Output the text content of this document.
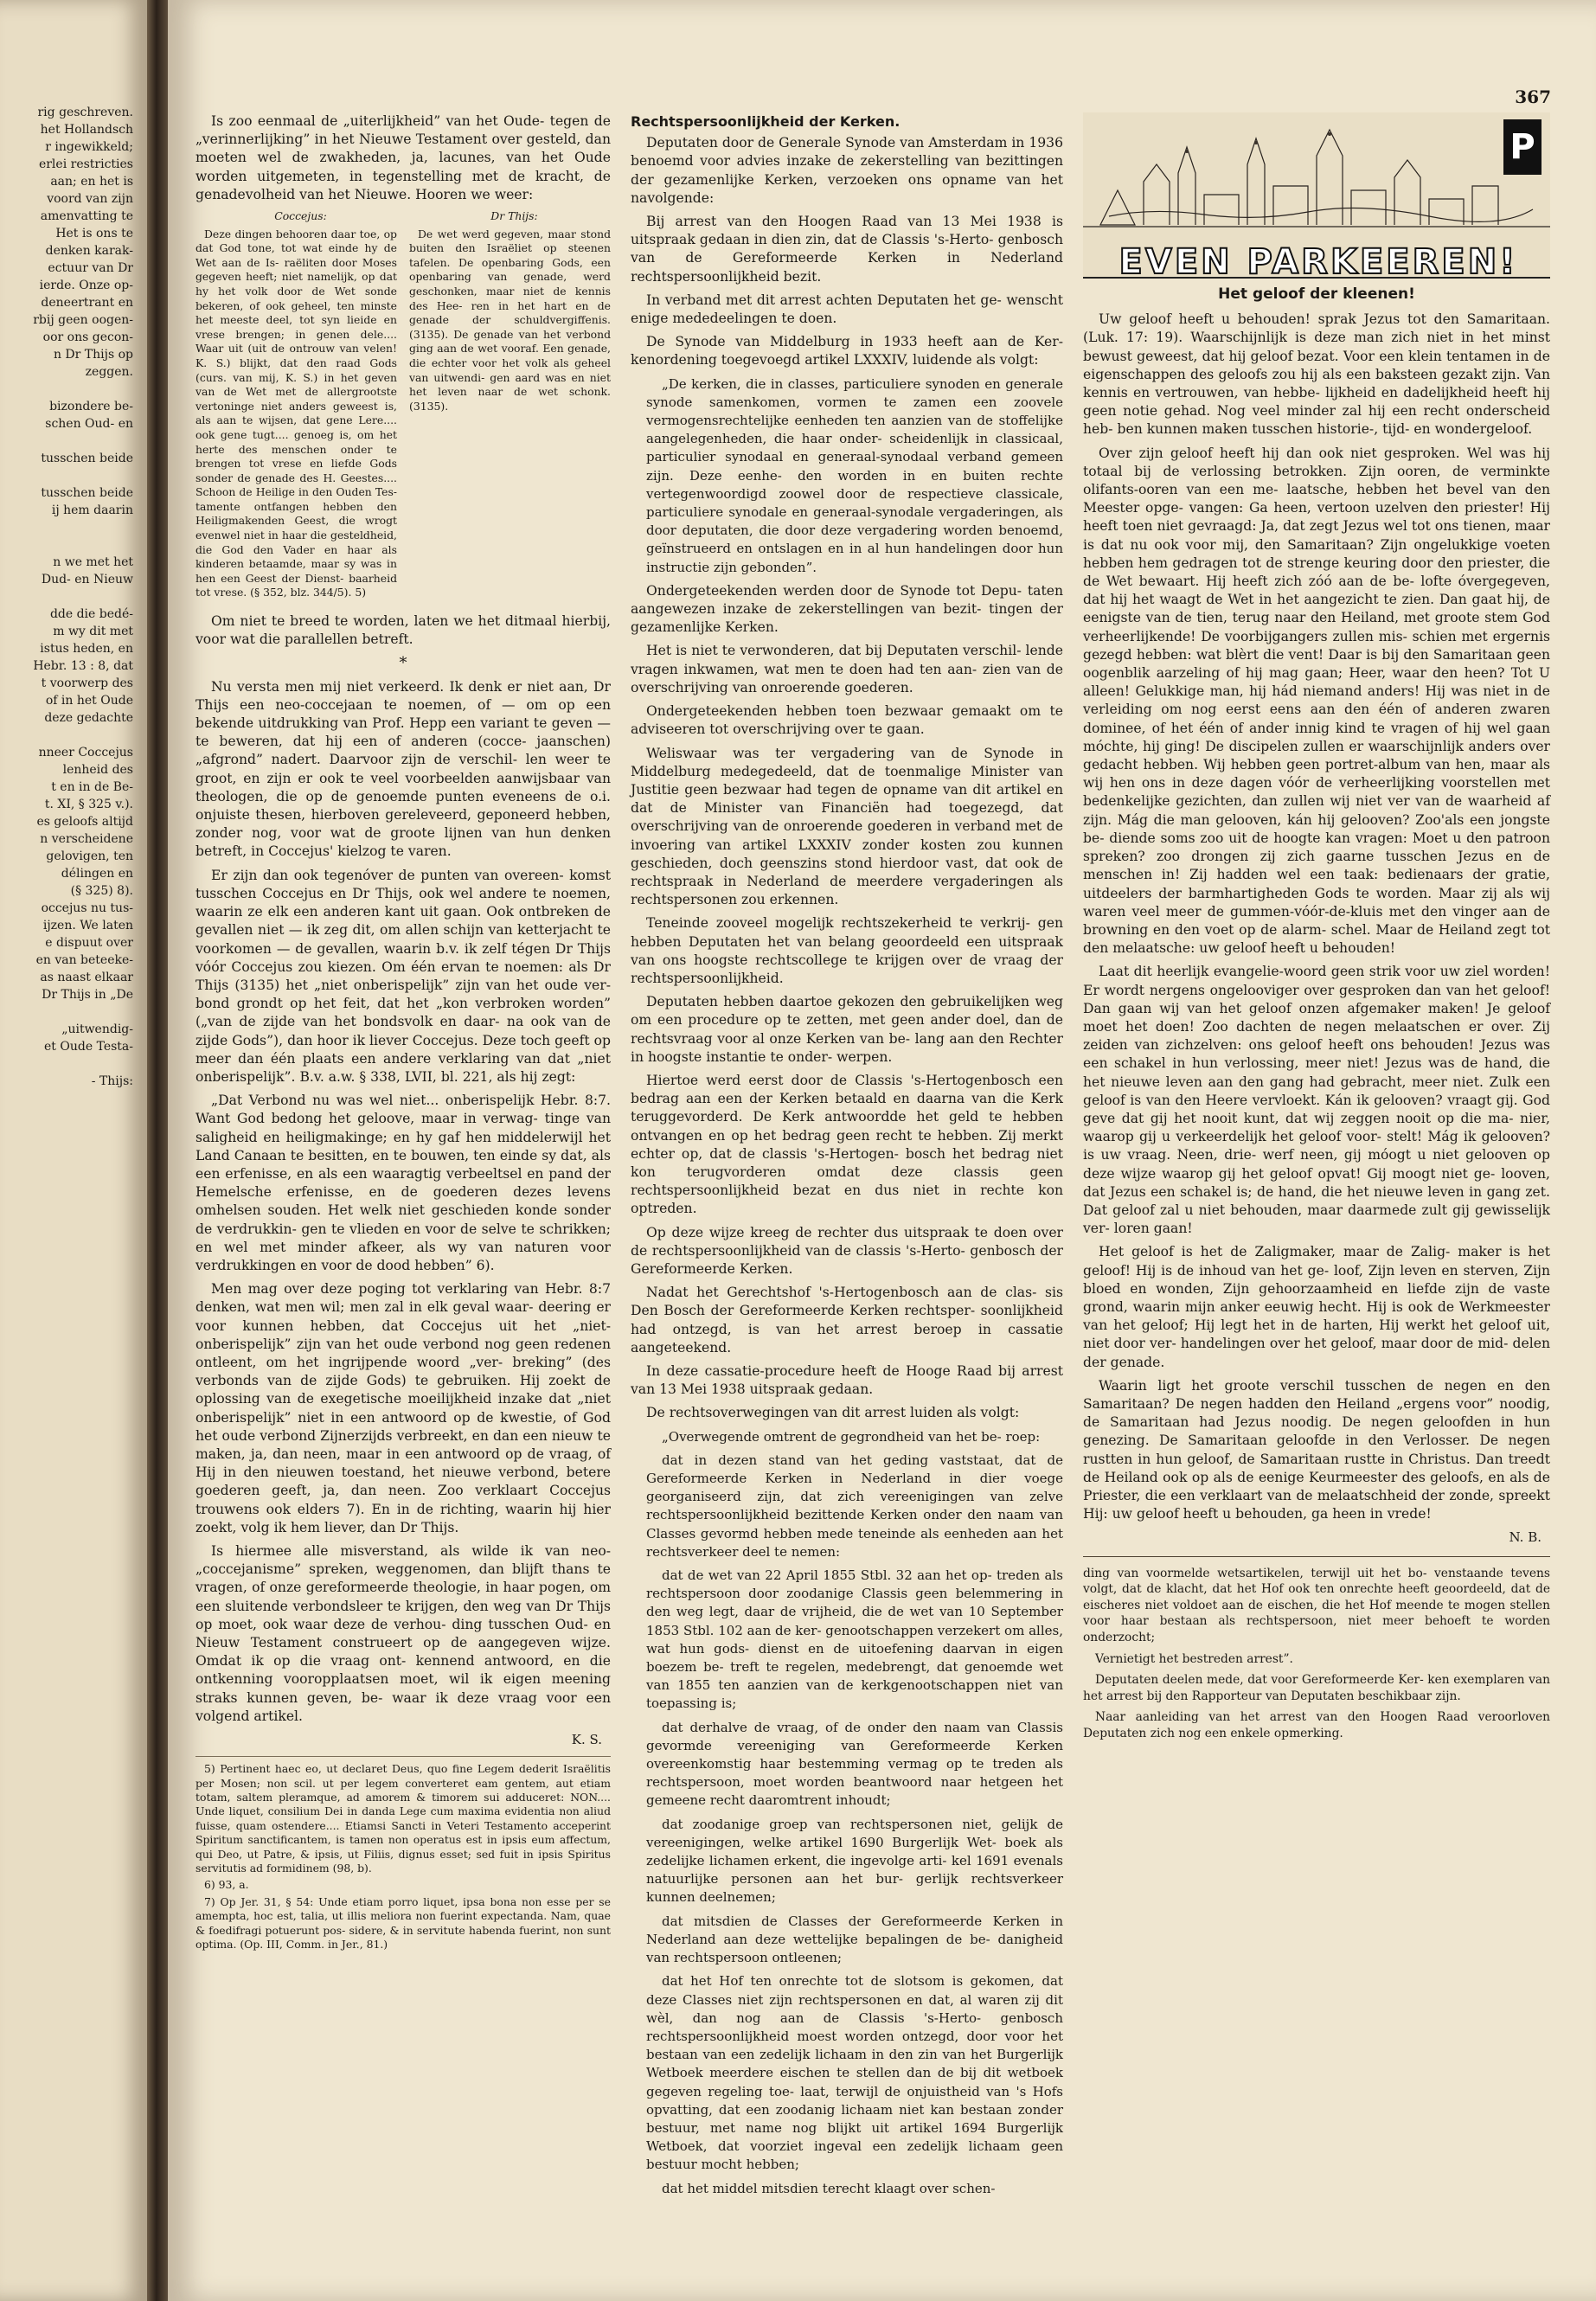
rig geschreven.
het Hollandsch
r ingewikkeld;
erlei restricties
aan; en het is
voord van zijn
amenvatting te
Het is ons te
denken karak-
ectuur van Dr
ierde. Onze op-
deneertrant en
rbij geen oogen-
oor ons gecon-
n Dr Thijs op
zeggen.

bizondere be-
schen Oud- en

tusschen beide

tusschen beide
ij hem daarin

n we met het
Dud- en Nieuw

dde die bedé-
m wy dit met
istus heden, en
Hebr. 13 : 8, dat
t voorwerp des
of in het Oude
deze gedachte

nneer Coccejus
lenheid des
t en in de Be-
t. XI, § 325 v.).
es geloofs altijd
n verscheidene
gelovigen, ten
délingen en
(§ 325) 8).
occejus nu tus-
ijzen. We laten
e dispuut over
en van beteeke-
as naast elkaar
Dr Thijs in „De

„uitwendig-
et Oude Testa-

- Thijs:
367

Is zoo eenmaal de „uiterlijkheid” van het Oude- tegen de „verinnerlijking” in het Nieuwe Testament over gesteld, dan moeten wel de zwakheden, ja, lacunes, van het Oude worden uitgemeten, in tegenstelling met de kracht, de genadevolheid van het Nieuwe. Hooren we weer:

Coccejus:

Deze dingen behooren daar toe, op dat God tone, tot wat einde hy de Wet aan de Is- raëliten door Moses gegeven heeft; niet namelijk, op dat hy het volk door de Wet sonde bekeren, of ook geheel, ten minste het meeste deel, tot syn lieide en vrese brengen; in genen dele.... Waar uit (uit de ontrouw van velen! K. S.) blijkt, dat den raad Gods (curs. van mij, K. S.) in het geven van de Wet met de allergrootste vertoninge niet anders geweest is, als aan te wijsen, dat gene Lere.... ook gene tugt.... genoeg is, om het herte des menschen onder te brengen tot vrese en liefde Gods sonder de genade des H. Geestes.... Schoon de Heilige in den Ouden Tes- tamente ontfangen hebben den Heiligmakenden Geest, die wrogt evenwel niet in haar die gesteldheid, die God den Vader en haar als kinderen betaamde, maar sy was in hen een Geest der Dienst- baarheid tot vrese. (§ 352, blz. 344/5). 5)

Dr Thijs:

De wet werd gegeven, maar stond buiten den Israëliet op steenen tafelen. De openbaring Gods, een openbaring van genade, werd geschonken, maar niet de kennis des Hee- ren in het hart en de genade der schuldvergiffenis. (3135). De genade van het verbond ging aan de wet vooraf. Een genade, die echter voor het volk als geheel van uitwendi- gen aard was en niet het leven naar de wet schonk. (3135).

Om niet te breed te worden, laten we het ditmaal hierbij, voor wat die parallellen betreft.

*

Nu versta men mij niet verkeerd. Ik denk er niet aan, Dr Thijs een neo-coccejaan te noemen, of — om op een bekende uitdrukking van Prof. Hepp een variant te geven — te beweren, dat hij een of anderen (cocce- jaanschen) „afgrond” nadert. Daarvoor zijn de verschil- len weer te groot, en zijn er ook te veel voorbeelden aanwijsbaar van theologen, die op de genoemde punten eveneens de o.i. onjuiste thesen, hierboven gereleveerd, geponeerd hebben, zonder nog, voor wat de groote lijnen van hun denken betreft, in Coccejus' kielzog te varen.

Er zijn dan ook tegenóver de punten van overeen- komst tusschen Coccejus en Dr Thijs, ook wel andere te noemen, waarin ze elk een anderen kant uit gaan. Ook ontbreken de gevallen niet — ik zeg dit, om allen schijn van ketterjacht te voorkomen — de gevallen, waarin b.v. ik zelf tégen Dr Thijs vóór Coccejus zou kiezen. Om één ervan te noemen: als Dr Thijs (3135) het „niet onberispelijk” zijn van het oude ver- bond grondt op het feit, dat het „kon verbroken worden” („van de zijde van het bondsvolk en daar- na ook van de zijde Gods”), dan hoor ik liever Coccejus. Deze toch geeft op meer dan één plaats een andere verklaring van dat „niet onberispelijk”. B.v. a.w. § 338, LVII, bl. 221, als hij zegt:

„Dat Verbond nu was wel niet... onberispelijk Hebr. 8:7. Want God bedong het geloove, maar in verwag- tinge van saligheid en heiligmakinge; en hy gaf hen middelerwijl het Land Canaan te besitten, en te bouwen, ten einde sy dat, als een erfenisse, en als een waaragtig verbeeltsel en pand der Hemelsche erfenisse, en de goederen dezes levens omhelsen souden. Het welk niet geschieden konde sonder de verdrukkin- gen te vlieden en voor de selve te schrikken; en wel met minder afkeer, als wy van naturen voor verdrukkingen en voor de dood hebben” 6).

Men mag over deze poging tot verklaring van Hebr. 8:7 denken, wat men wil; men zal in elk geval waar- deering er voor kunnen hebben, dat Coccejus uit het „niet-onberispelijk” zijn van het oude verbond nog geen redenen ontleent, om het ingrijpende woord „ver- breking” (des verbonds van de zijde Gods) te gebruiken. Hij zoekt de oplossing van de exegetische moeilijkheid inzake dat „niet onberispelijk” niet in een antwoord op de kwestie, of God het oude verbond Zijnerzijds verbreekt, en dan een nieuw te maken, ja, dan neen, maar in een antwoord op de vraag, of Hij in den nieuwen toestand, het nieuwe verbond, betere goederen geeft, ja, dan neen. Zoo verklaart Coccejus trouwens ook elders 7). En in de richting, waarin hij hier zoekt, volg ik hem liever, dan Dr Thijs.

Is hiermee alle misverstand, als wilde ik van neo- „coccejanisme” spreken, weggenomen, dan blijft thans te vragen, of onze gereformeerde theologie, in haar pogen, om een sluitende verbondsleer te krijgen, den weg van Dr Thijs op moet, ook waar deze de verhou- ding tusschen Oud- en Nieuw Testament construeert op de aangegeven wijze. Omdat ik op die vraag ont- kennend antwoord, en die ontkenning vooropplaatsen moet, wil ik eigen meening straks kunnen geven, be- waar ik deze vraag voor een volgend artikel.

K. S.

5) Pertinent haec eo, ut declaret Deus, quo fine Legem dederit Israëlitis per Mosen; non scil. ut per legem converteret eam gentem, aut etiam totam, saltem pleramque, ad amorem & timorem sui adduceret: NON.... Unde liquet, consilium Dei in danda Lege cum maxima evidentia non aliud fuisse, quam ostendere.... Etiamsi Sancti in Veteri Testamento acceperint Spiritum sanctificantem, is tamen non operatus est in ipsis eum affectum, qui Deo, ut Patre, & ipsis, ut Filiis, dignus esset; sed fuit in ipsis Spiritus servitutis ad formidinem (98, b).

6) 93, a.

7) Op Jer. 31, § 54: Unde etiam porro liquet, ipsa bona non esse per se amempta, hoc est, talia, ut illis meliora non fuerint expectanda. Nam, quae & foedifragi potuerunt pos- sidere, & in servitute habenda fuerint, non sunt optima. (Op. III, Comm. in Jer., 81.)

Rechtspersoonlijkheid der Kerken.

Deputaten door de Generale Synode van Amsterdam in 1936 benoemd voor advies inzake de zekerstelling van bezittingen der gezamenlijke Kerken, verzoeken ons opname van het navolgende:

Bij arrest van den Hoogen Raad van 13 Mei 1938 is uitspraak gedaan in dien zin, dat de Classis 's-Herto- genbosch van de Gereformeerde Kerken in Nederland rechtspersoonlijkheid bezit.

In verband met dit arrest achten Deputaten het ge- wenscht enige mededeelingen te doen.

De Synode van Middelburg in 1933 heeft aan de Ker- kenordening toegevoegd artikel LXXXIV, luidende als volgt:

„De kerken, die in classes, particuliere synoden en generale synode samenkomen, vormen te zamen een zoovele vermogensrechtelijke eenheden ten aanzien van de stoffelijke aangelegenheden, die haar onder- scheidenlijk in classicaal, particulier synodaal en generaal-synodaal verband gemeen zijn. Deze eenhe- den worden in en buiten rechte vertegenwoordigd zoowel door de respectieve classicale, particuliere synodale en generaal-synodale vergaderingen, als door deputaten, die door deze vergadering worden benoemd, geïnstrueerd en ontslagen en in al hun handelingen door hun instructie zijn gebonden”.

Ondergeteekenden werden door de Synode tot Depu- taten aangewezen inzake de zekerstellingen van bezit- tingen der gezamenlijke Kerken.

Het is niet te verwonderen, dat bij Deputaten verschil- lende vragen inkwamen, wat men te doen had ten aan- zien van de overschrijving van onroerende goederen.

Ondergeteekenden hebben toen bezwaar gemaakt om te adviseeren tot overschrijving over te gaan.

Weliswaar was ter vergadering van de Synode in Middelburg medegedeeld, dat de toenmalige Minister van Justitie geen bezwaar had tegen de opname van dit artikel en dat de Minister van Financiën had toegezegd, dat overschrijving van de onroerende goederen in verband met de invoering van artikel LXXXIV zonder kosten zou kunnen geschieden, doch geenszins stond hierdoor vast, dat ook de rechtspraak in Nederland de meerdere vergaderingen als rechtspersonen zou erkennen.

Teneinde zooveel mogelijk rechtszekerheid te verkrij- gen hebben Deputaten het van belang geoordeeld een uitspraak van ons hoogste rechtscollege te krijgen over de vraag der rechtspersoonlijkheid.

Deputaten hebben daartoe gekozen den gebruikelijken weg om een procedure op te zetten, met geen ander doel, dan de rechtsvraag voor al onze Kerken van be- lang aan den Rechter in hoogste instantie te onder- werpen.

Hiertoe werd eerst door de Classis 's-Hertogenbosch een bedrag aan een der Kerken betaald en daarna van die Kerk teruggevorderd. De Kerk antwoordde het geld te hebben ontvangen en op het bedrag geen recht te hebben. Zij merkt echter op, dat de classis 's-Hertogen- bosch het bedrag niet kon terugvorderen omdat deze classis geen rechtspersoonlijkheid bezat en dus niet in rechte kon optreden.

Op deze wijze kreeg de rechter dus uitspraak te doen over de rechtspersoonlijkheid van de classis 's-Herto- genbosch der Gereformeerde Kerken.

Nadat het Gerechtshof 's-Hertogenbosch aan de clas- sis Den Bosch der Gereformeerde Kerken rechtsper- soonlijkheid had ontzegd, is van het arrest beroep in cassatie aangeteekend.

In deze cassatie-procedure heeft de Hooge Raad bij arrest van 13 Mei 1938 uitspraak gedaan.

De rechtsoverwegingen van dit arrest luiden als volgt:

„Overwegende omtrent de gegrondheid van het be- roep:

dat in dezen stand van het geding vaststaat, dat de Gereformeerde Kerken in Nederland in dier voege georganiseerd zijn, dat zich vereenigingen van zelve rechtspersoonlijkheid bezittende Kerken onder den naam van Classes gevormd hebben mede teneinde als eenheden aan het rechtsverkeer deel te nemen:

dat de wet van 22 April 1855 Stbl. 32 aan het op- treden als rechtspersoon door zoodanige Classis geen belemmering in den weg legt, daar de vrijheid, die de wet van 10 September 1853 Stbl. 102 aan de ker- genootschappen verzekert om alles, wat hun gods- dienst en de uitoefening daarvan in eigen boezem be- treft te regelen, medebrengt, dat genoemde wet van 1855 ten aanzien van de kerkgenootschappen niet van toepassing is;

dat derhalve de vraag, of de onder den naam van Classis gevormde vereeniging van Gereformeerde Kerken overeenkomstig haar bestemming vermag op te treden als rechtspersoon, moet worden beantwoord naar hetgeen het gemeene recht daaromtrent inhoudt;

dat zoodanige groep van rechtspersonen niet, gelijk de vereenigingen, welke artikel 1690 Burgerlijk Wet- boek als zedelijke lichamen erkent, die ingevolge arti- kel 1691 evenals natuurlijke personen aan het bur- gerlijk rechtsverkeer kunnen deelnemen;

dat mitsdien de Classes der Gereformeerde Kerken in Nederland aan deze wettelijke bepalingen de be- danigheid van rechtspersoon ontleenen;

dat het Hof ten onrechte tot de slotsom is gekomen, dat deze Classes niet zijn rechtspersonen en dat, al waren zij dit wèl, dan nog aan de Classis 's-Herto- genbosch rechtspersoonlijkheid moest worden ontzegd, door voor het bestaan van een zedelijk lichaam in den zin van het Burgerlijk Wetboek meerdere eischen te stellen dan de bij dit wetboek gegeven regeling toe- laat, terwijl de onjuistheid van 's Hofs opvatting, dat een zoodanig lichaam niet kan bestaan zonder bestuur, met name nog blijkt uit artikel 1694 Burgerlijk Wetboek, dat voorziet ingeval een zedelijk lichaam geen bestuur mocht hebben;

dat het middel mitsdien terecht klaagt over schen-

P
EVEN PARKEEREN!
Het geloof der kleenen!

Uw geloof heeft u behouden! sprak Jezus tot den Samaritaan. (Luk. 17: 19). Waarschijnlijk is deze man zich niet in het minst bewust geweest, dat hij geloof bezat. Voor een klein tentamen in de eigenschappen des geloofs zou hij als een baksteen gezakt zijn. Van kennis en vertrouwen, van hebbe- lijkheid en dadelijkheid heeft hij geen notie gehad. Nog veel minder zal hij een recht onderscheid heb- ben kunnen maken tusschen historie-, tijd- en wondergeloof.

Over zijn geloof heeft hij dan ook niet gesproken. Wel was hij totaal bij de verlossing betrokken. Zijn ooren, de verminkte olifants-ooren van een me- laatsche, hebben het bevel van den Meester opge- vangen: Ga heen, vertoon uzelven den priester! Hij heeft toen niet gevraagd: Ja, dat zegt Jezus wel tot ons tienen, maar is dat nu ook voor mij, den Samaritaan? Zijn ongelukkige voeten hebben hem gedragen tot de strenge keuring door den priester, die de Wet bewaart. Hij heeft zich zóó aan de be- lofte óvergegeven, dat hij het waagt de Wet in het aangezicht te zien. Dan gaat hij, de eenigste van de tien, terug naar den Heiland, met groote stem God verheerlijkende! De voorbijgangers zullen mis- schien met ergernis gezegd hebben: wat blèrt die vent! Daar is bij den Samaritaan geen oogenblik aarzeling of hij mag gaan; Heer, waar den heen? Tot U alleen! Gelukkige man, hij hád niemand anders! Hij was niet in de verleiding om nog eerst eens aan den één of anderen zwaren dominee, of het één of ander innig kind te vragen of hij wel gaan móchte, hij ging! De discipelen zullen er waarschijnlijk anders over gedacht hebben. Wij hebben geen portret-album van hen, maar als wij hen ons in deze dagen vóór de verheerlijking voorstellen met bedenkelijke gezichten, dan zullen wij niet ver van de waarheid af zijn. Mág die man gelooven, kán hij gelooven? Zoo'als een jongste be- diende soms zoo uit de hoogte kan vragen: Moet u den patroon spreken? zoo drongen zij zich gaarne tusschen Jezus en de menschen in! Zij hadden wel een taak: bedienaars der gratie, uitdeelers der barmhartigheden Gods te worden. Maar zij als wij waren veel meer de gummen-vóór-de-kluis met den vinger aan de browning en den voet op de alarm- schel. Maar de Heiland zegt tot den melaatsche: uw geloof heeft u behouden!

Laat dit heerlijk evangelie-woord geen strik voor uw ziel worden! Er wordt nergens ongelooviger over gesproken dan van het geloof! Dan gaan wij van het geloof onzen afgemaker maken! Je geloof moet het doen! Zoo dachten de negen melaatschen er over. Zij zeiden van zichzelven: ons geloof heeft ons behouden! Jezus was een schakel in hun verlossing, meer niet! Jezus was de hand, die het nieuwe leven aan den gang had gebracht, meer niet. Zulk een geloof is van den Heere vervloekt. Kán ik gelooven? vraagt gij. God geve dat gij het nooit kunt, dat wij zeggen nooit op die ma- nier, waarop gij u verkeerdelijk het geloof voor- stelt! Mág ik gelooven? is uw vraag. Neen, drie- werf neen, gij móogt u niet gelooven op deze wijze waarop gij het geloof opvat! Gij moogt niet ge- looven, dat Jezus een schakel is; de hand, die het nieuwe leven in gang zet. Dat geloof zal u niet behouden, maar daarmede zult gij gewisselijk ver- loren gaan!

Het geloof is het de Zaligmaker, maar de Zalig- maker is het geloof! Hij is de inhoud van het ge- loof, Zijn leven en sterven, Zijn bloed en wonden, Zijn gehoorzaamheid en liefde zijn de vaste grond, waarin mijn anker eeuwig hecht. Hij is ook de Werkmeester van het geloof; Hij legt het in de harten, Hij werkt het geloof uit, niet door ver- handelingen over het geloof, maar door de mid- delen der genade.

Waarin ligt het groote verschil tusschen de negen en den Samaritaan? De negen hadden den Heiland „ergens voor” noodig, de Samaritaan had Jezus noodig. De negen geloofden in hun genezing. De Samaritaan geloofde in den Verlosser. De negen rustten in hun geloof, de Samaritaan rustte in Christus. Dan treedt de Heiland ook op als de eenige Keurmeester des geloofs, en als de Priester, die een verklaart van de melaatschheid der zonde, spreekt Hij: uw geloof heeft u behouden, ga heen in vrede!

N. B.

ding van voormelde wetsartikelen, terwijl uit het bo- venstaande tevens volgt, dat de klacht, dat het Hof ook ten onrechte heeft geoordeeld, dat de eischeres niet voldoet aan de eischen, die het Hof meende te mogen stellen voor haar bestaan als rechtspersoon, niet meer behoeft te worden onderzocht;

Vernietigt het bestreden arrest”.

Deputaten deelen mede, dat voor Gereformeerde Ker- ken exemplaren van het arrest bij den Rapporteur van Deputaten beschikbaar zijn.

Naar aanleiding van het arrest van den Hoogen Raad veroorloven Deputaten zich nog een enkele opmerking.
